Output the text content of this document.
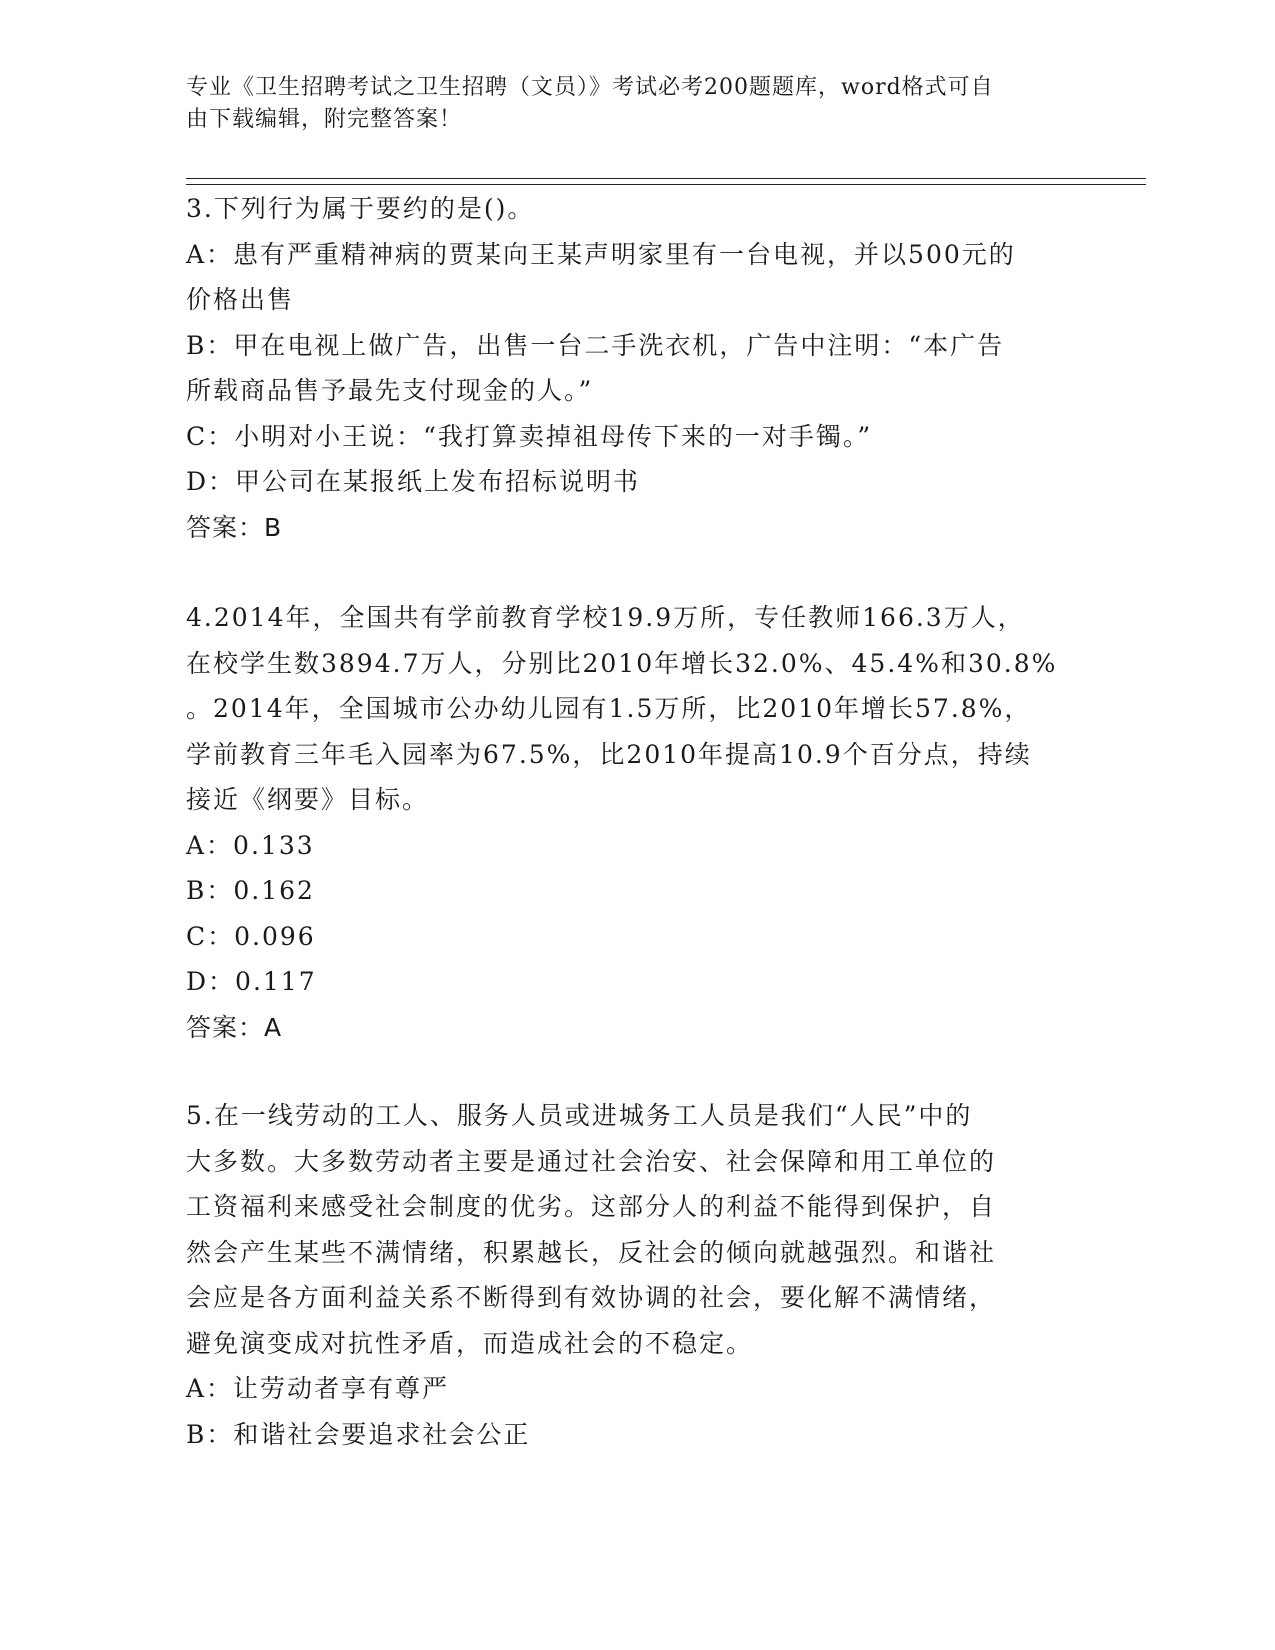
专业《卫生招聘考试之卫生招聘（文员）》考试必考200题题库，word格式可自
由下载编辑，附完整答案！
3.下列行为属于要约的是()。
A：患有严重精神病的贾某向王某声明家里有一台电视，并以500元的
价格出售
B：甲在电视上做广告，出售一台二手洗衣机，广告中注明：“本广告
所载商品售予最先支付现金的人。”
C：小明对小王说：“我打算卖掉祖母传下来的一对手镯。”
D：甲公司在某报纸上发布招标说明书
答案：B
4.2014年，全国共有学前教育学校19.9万所，专任教师166.3万人，
在校学生数3894.7万人，分别比2010年增长32.0%、45.4%和30.8%
。2014年，全国城市公办幼儿园有1.5万所，比2010年增长57.8%，
学前教育三年毛入园率为67.5%，比2010年提高10.9个百分点，持续
接近《纲要》目标。
A：0.133
B：0.162
C：0.096
D：0.117
答案：A
5.在一线劳动的工人、服务人员或进城务工人员是我们“人民”中的
大多数。大多数劳动者主要是通过社会治安、社会保障和用工单位的
工资福利来感受社会制度的优劣。这部分人的利益不能得到保护，自
然会产生某些不满情绪，积累越长，反社会的倾向就越强烈。和谐社
会应是各方面利益关系不断得到有效协调的社会，要化解不满情绪，
避免演变成对抗性矛盾，而造成社会的不稳定。
A：让劳动者享有尊严
B：和谐社会要追求社会公正
